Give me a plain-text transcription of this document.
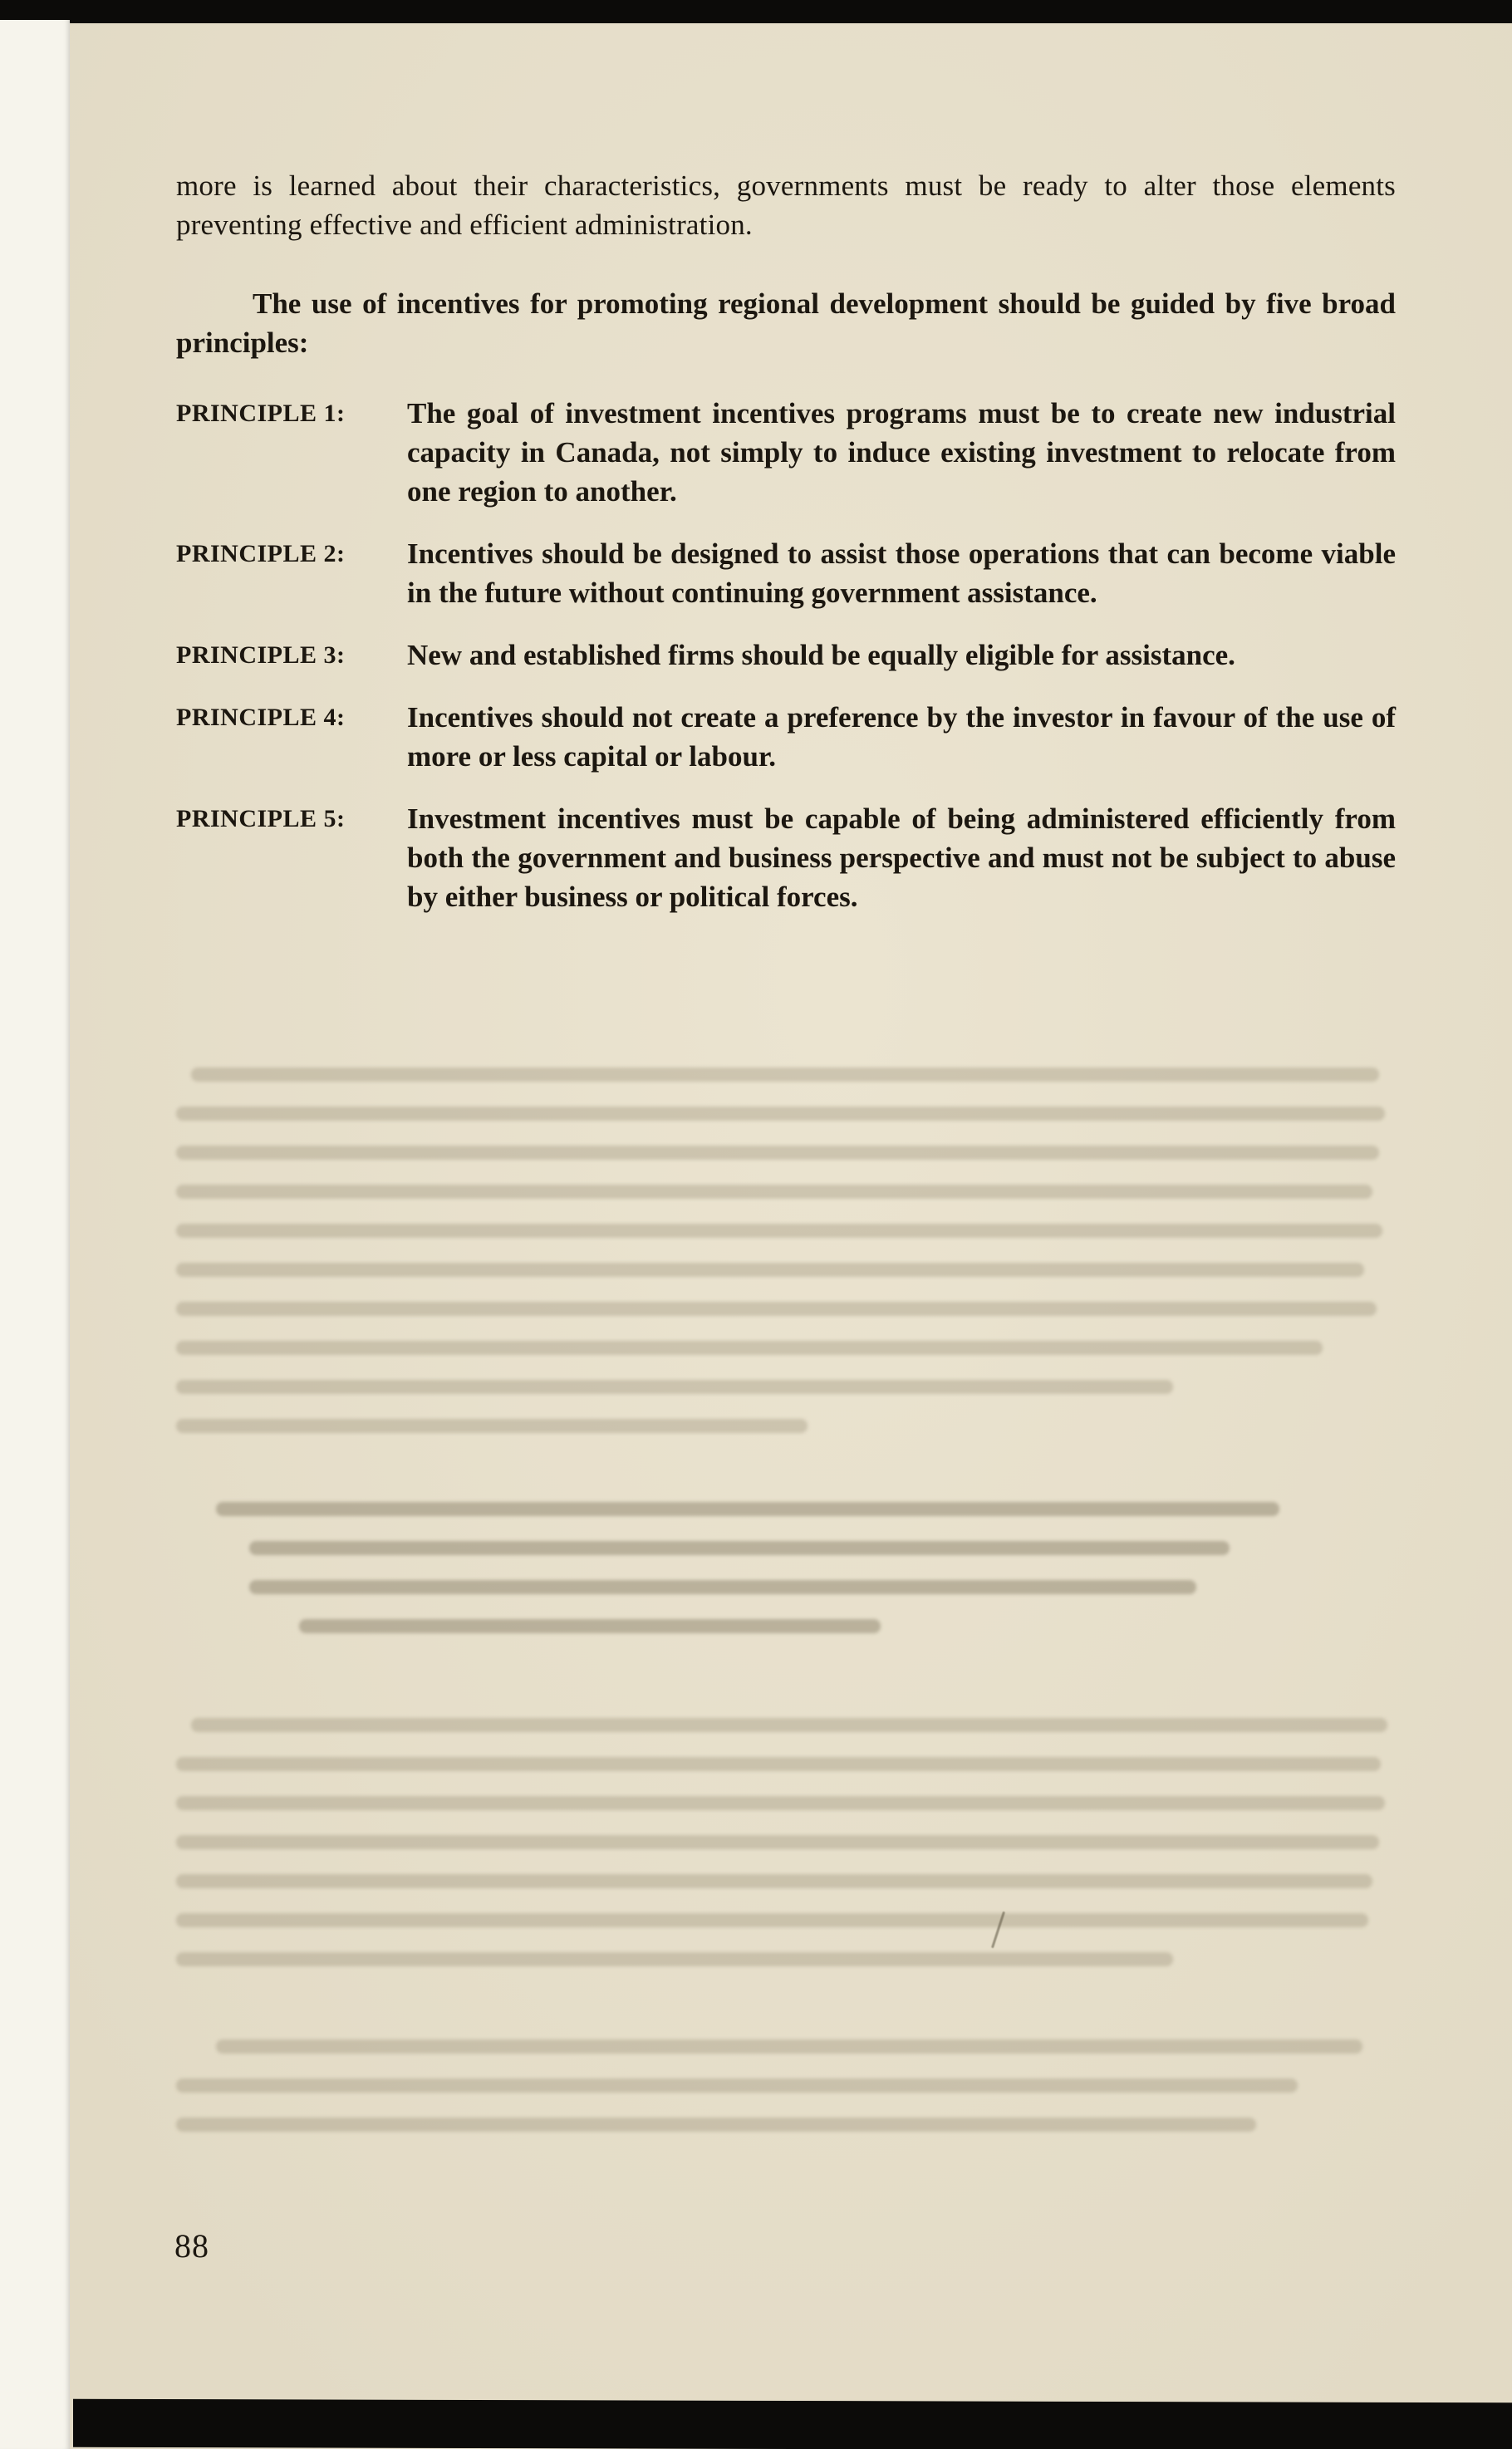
more is learned about their characteristics, governments must be ready to alter those elements preventing effective and efficient administration.

The use of incentives for promoting regional development should be guided by five broad principles:

PRINCIPLE 1:	The goal of investment incentives programs must be to create new industrial capacity in Canada, not simply to induce existing investment to relocate from one region to another.
PRINCIPLE 2:	Incentives should be designed to assist those operations that can become viable in the future without continuing government assistance.
PRINCIPLE 3:	New and established firms should be equally eligible for assistance.
PRINCIPLE 4:	Incentives should not create a preference by the investor in favour of the use of more or less capital or labour.
PRINCIPLE 5:	Investment incentives must be capable of being administered efficiently from both the government and business perspective and must not be subject to abuse by either business or political forces.
88
